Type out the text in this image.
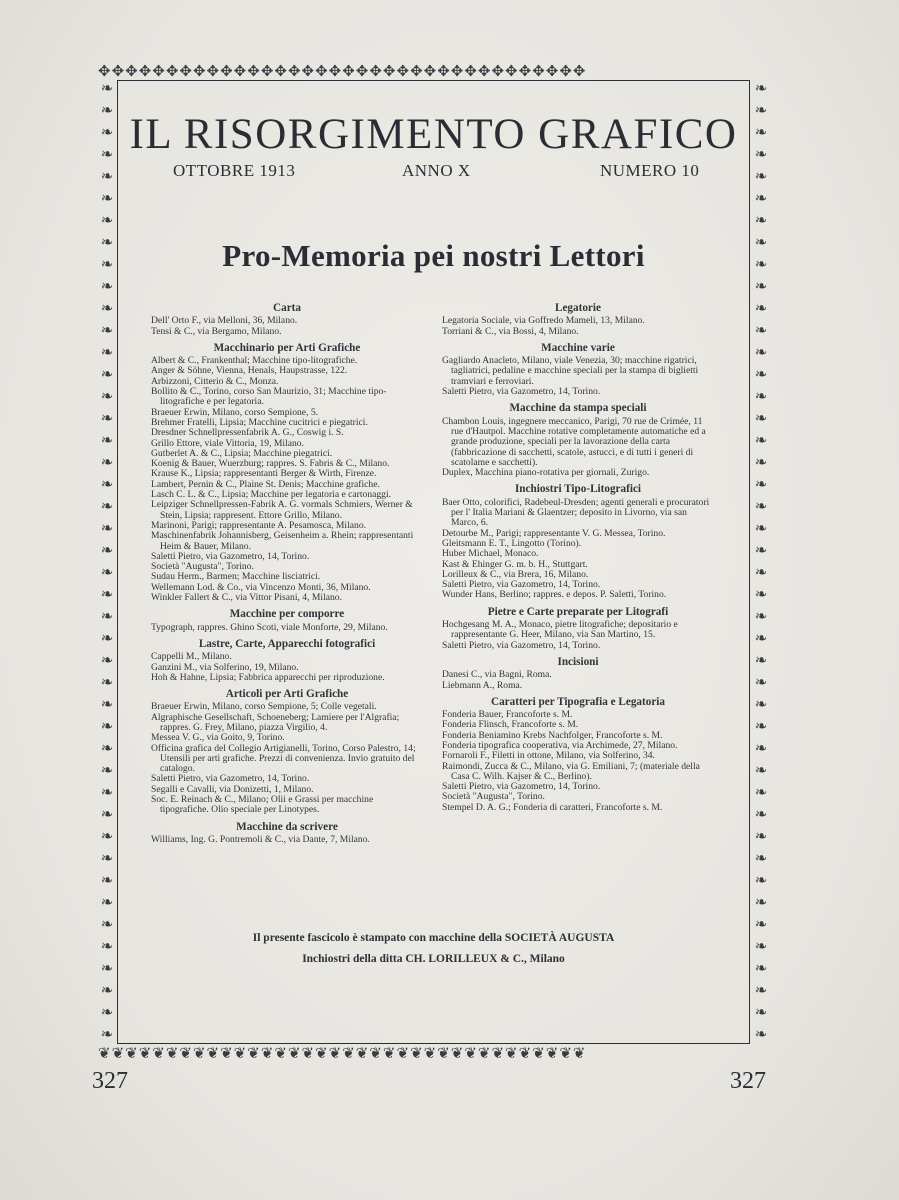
✥✥✥✥✥✥✥✥✥✥✥✥✥✥✥✥✥✥✥✥✥✥✥✥✥✥✥✥✥✥✥✥✥✥✥✥
❦❦❦❦❦❦❦❦❦❦❦❦❦❦❦❦❦❦❦❦❦❦❦❦❦❦❦❦❦❦❦❦❦❦❦❦
❧
❧
❧
❧
❧
❧
❧
❧
❧
❧
❧
❧
❧
❧
❧
❧
❧
❧
❧
❧
❧
❧
❧
❧
❧
❧
❧
❧
❧
❧
❧
❧
❧
❧
❧
❧
❧
❧
❧
❧
❧
❧
❧
❧
❧
❧
❧
❧
❧
❧
❧
❧
❧
❧
❧
❧
❧
❧
❧
❧
❧
❧
❧
❧
❧
❧
❧
❧
❧
❧
❧
❧
❧
❧
❧
❧
❧
❧
❧
❧
❧
❧
❧
❧
❧
❧
❧
❧
IL RISORGIMENTO GRAFICO
OTTOBRE 1913	ANNO X	NUMERO 10
Pro-Memoria pei nostri Lettori
Carta

Dell' Orto F., via Melloni, 36, Milano.

Tensi & C., via Bergamo, Milano.

Macchinario per Arti Grafiche

Albert & C., Frankenthal; Macchine tipo-litografiche.

Anger & Söhne, Vienna, Henals, Haupstrasse, 122.

Arbizzoni, Citterio & C., Monza.

Bollito & C., Torino, corso San Maurizio, 31; Macchine tipo-litografiche e per legatoria.

Braeuer Erwin, Milano, corso Sempione, 5.

Brehmer Fratelli, Lipsia; Macchine cucitrici e piegatrici.

Dresdner Schnellpressenfabrik A. G., Coswig i. S.

Grillo Ettore, viale Vittoria, 19, Milano.

Gutberlet A. & C., Lipsia; Macchine piegatrici.

Koenig & Bauer, Wuerzburg; rappres. S. Fabris & C., Milano.

Krause K., Lipsia; rappresentanti Berger & Wirth, Firenze.

Lambert, Pernin & C., Plaine St. Denis; Macchine grafiche.

Lasch C. L. & C., Lipsia; Macchine per legatoria e cartonaggi.

Leipziger Schnellpressen-Fabrik A. G. vormals Schmiers, Werner & Stein, Lipsia; rappresent. Ettore Grillo, Milano.

Marinoni, Parigi; rappresentante A. Pesamosca, Milano.

Maschinenfabrik Johannisberg, Geisenheim a. Rhein; rappresentanti Heim & Bauer, Milano.

Saletti Pietro, via Gazometro, 14, Torino.

Società "Augusta", Torino.

Sudau Herm., Barmen; Macchine lisciatrici.

Wellemann Lod. & Co., via Vincenzo Monti, 36, Milano.

Winkler Fallert & C., via Vittor Pisani, 4, Milano.

Macchine per comporre

Typograph, rappres. Ghino Scoti, viale Monforte, 29, Milano.

Lastre, Carte, Apparecchi fotografici

Cappelli M., Milano.

Ganzini M., via Solferino, 19, Milano.

Hoh & Hahne, Lipsia; Fabbrica apparecchi per riproduzione.

Articoli per Arti Grafiche

Braeuer Erwin, Milano, corso Sempione, 5; Colle vegetali.

Algraphische Gesellschaft, Schoeneberg; Lamiere per l'Algrafia; rappres. G. Frey, Milano, piazza Virgilio, 4.

Messea V. G., via Goito, 9, Torino.

Officina grafica del Collegio Artigianelli, Torino, Corso Palestro, 14; Utensili per arti grafiche. Prezzi di convenienza. Invio gratuito del catalogo.

Saletti Pietro, via Gazometro, 14, Torino.

Segalli e Cavalli, via Donizetti, 1, Milano.

Soc. E. Reinach & C., Milano; Olii e Grassi per macchine tipografiche. Olio speciale per Linotypes.

Macchine da scrivere

Williams, Ing. G. Pontremoli & C., via Dante, 7, Milano.

Legatorie

Legatoria Sociale, via Goffredo Mameli, 13, Milano.

Torriani & C., via Bossi, 4, Milano.

Macchine varie

Gagliardo Anacleto, Milano, viale Venezia, 30; macchine rigatrici, tagliatrici, pedaline e macchine speciali per la stampa di biglietti tramviari e ferroviari.

Saletti Pietro, via Gazometro, 14, Torino.

Macchine da stampa speciali

Chambon Louis, ingegnere meccanico, Parigi, 70 rue de Crimée, 11 rue d'Hautpol. Macchine rotative completamente automatiche ed a grande produzione, speciali per la lavorazione della carta (fabbricazione di sacchetti, scatole, astucci, e di tutti i generi di scatolame e sacchetti).

Duplex, Macchina piano-rotativa per giornali, Zurigo.

Inchiostri Tipo-Litografici

Baer Otto, colorifici, Radebeul-Dresden; agenti generali e procuratori per l' Italia Mariani & Glaentzer; deposito in Livorno, via san Marco, 6.

Detourbe M., Parigi; rappresentante V. G. Messea, Torino.

Gleitsmann E. T., Lingotto (Torino).

Huber Michael, Monaco.

Kast & Ehinger G. m. b. H., Stuttgart.

Lorilleux & C., via Brera, 16, Milano.

Saletti Pietro, via Gazometro, 14, Torino.

Wunder Hans, Berlino; rappres. e depos. P. Saletti, Torino.

Pietre e Carte preparate per Litografi

Hochgesang M. A., Monaco, pietre litografiche; depositario e rappresentante G. Heer, Milano, via San Martino, 15.

Saletti Pietro, via Gazometro, 14, Torino.

Incisioni

Danesi C., via Bagni, Roma.

Liebmann A., Roma.

Caratteri per Tipografia e Legatoria

Fonderia Bauer, Francoforte s. M.

Fonderia Flinsch, Francoforte s. M.

Fonderia Beniamino Krebs Nachfolger, Francoforte s. M.

Fonderia tipografica cooperativa, via Archimede, 27, Milano.

Fornaroli F., Filetti in ottone, Milano, via Solferino, 34.

Raimondi, Zucca & C., Milano, via G. Emiliani, 7; (materiale della Casa C. Wilh. Kajser & C., Berlino).

Saletti Pietro, via Gazometro, 14, Torino.

Società "Augusta", Torino.

Stempel D. A. G.; Fonderia di caratteri, Francoforte s. M.

Il presente fascicolo è stampato con macchine della SOCIETÀ AUGUSTA
Inchiostri della ditta CH. LORILLEUX & C., Milano
327	327
